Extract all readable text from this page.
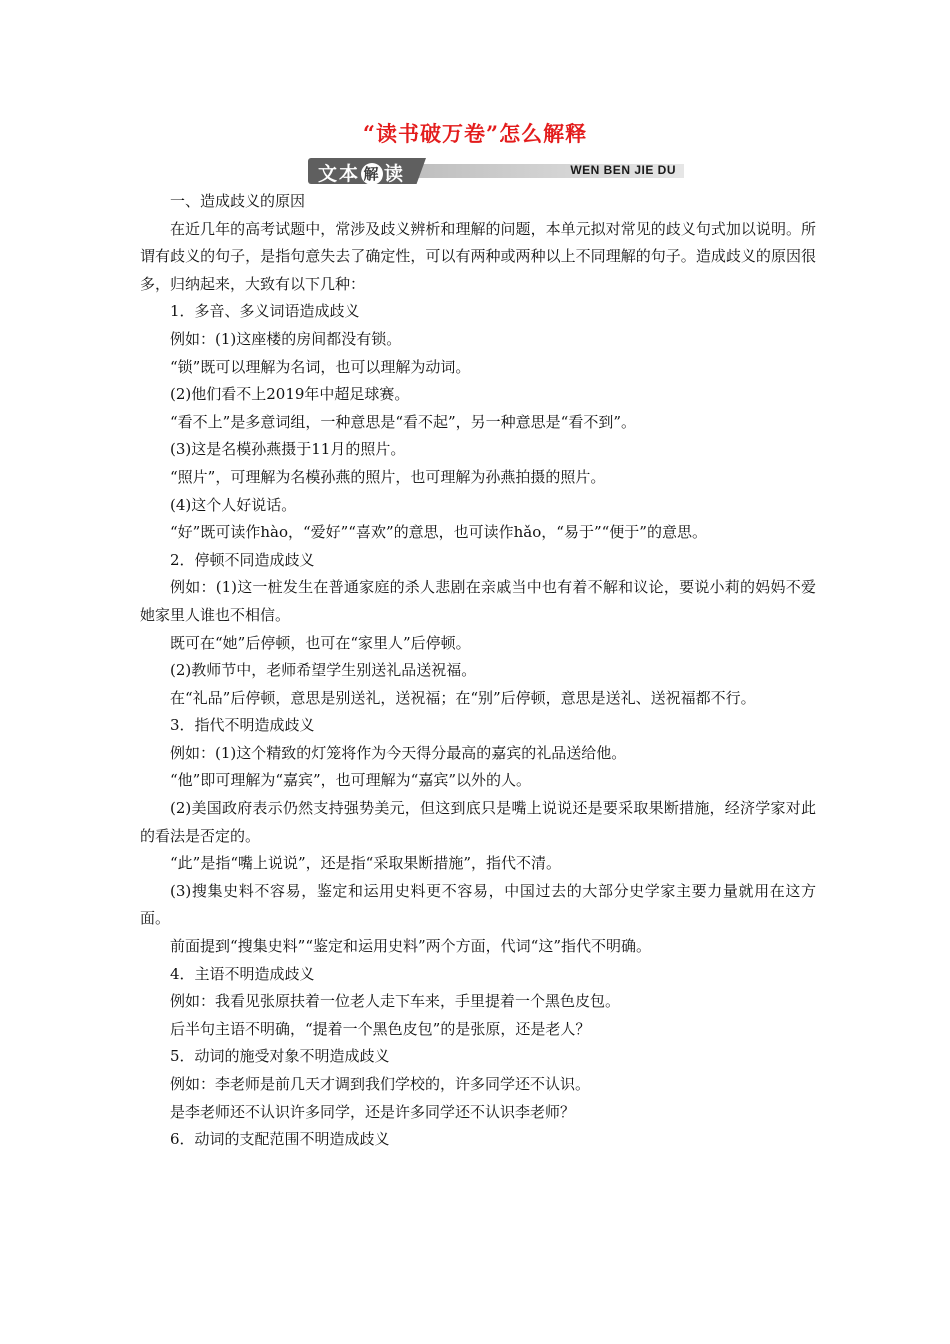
“读书破万卷”怎么解释
文本 解 读	WEN BEN JIE DU

一、造成歧义的原因

在近几年的高考试题中，常涉及歧义辨析和理解的问题，本单元拟对常见的歧义句式加以说明。所谓有歧义的句子，是指句意失去了确定性，可以有两种或两种以上不同理解的句子。造成歧义的原因很多，归纳起来，大致有以下几种：

1．多音、多义词语造成歧义

例如：(1)这座楼的房间都没有锁。

“锁”既可以理解为名词，也可以理解为动词。

(2)他们看不上2019年中超足球赛。

“看不上”是多意词组，一种意思是“看不起”，另一种意思是“看不到”。

(3)这是名模孙燕摄于11月的照片。

“照片”，可理解为名模孙燕的照片，也可理解为孙燕拍摄的照片。

(4)这个人好说话。

“好”既可读作hào，“爱好”“喜欢”的意思，也可读作hǎo，“易于”“便于”的意思。

2．停顿不同造成歧义

例如：(1)这一桩发生在普通家庭的杀人悲剧在亲戚当中也有着不解和议论，要说小莉的妈妈不爱她家里人谁也不相信。

既可在“她”后停顿，也可在“家里人”后停顿。

(2)教师节中，老师希望学生别送礼品送祝福。

在“礼品”后停顿，意思是别送礼，送祝福；在“别”后停顿，意思是送礼、送祝福都不行。

3．指代不明造成歧义

例如：(1)这个精致的灯笼将作为今天得分最高的嘉宾的礼品送给他。

“他”即可理解为“嘉宾”，也可理解为“嘉宾”以外的人。

(2)美国政府表示仍然支持强势美元，但这到底只是嘴上说说还是要采取果断措施，经济学家对此的看法是否定的。

“此”是指“嘴上说说”，还是指“采取果断措施”，指代不清。

(3)搜集史料不容易，鉴定和运用史料更不容易，中国过去的大部分史学家主要力量就用在这方面。

前面提到“搜集史料”“鉴定和运用史料”两个方面，代词“这”指代不明确。

4．主语不明造成歧义

例如：我看见张原扶着一位老人走下车来，手里提着一个黑色皮包。

后半句主语不明确，“提着一个黑色皮包”的是张原，还是老人？

5．动词的施受对象不明造成歧义

例如：李老师是前几天才调到我们学校的，许多同学还不认识。

是李老师还不认识许多同学，还是许多同学还不认识李老师？

6．动词的支配范围不明造成歧义
